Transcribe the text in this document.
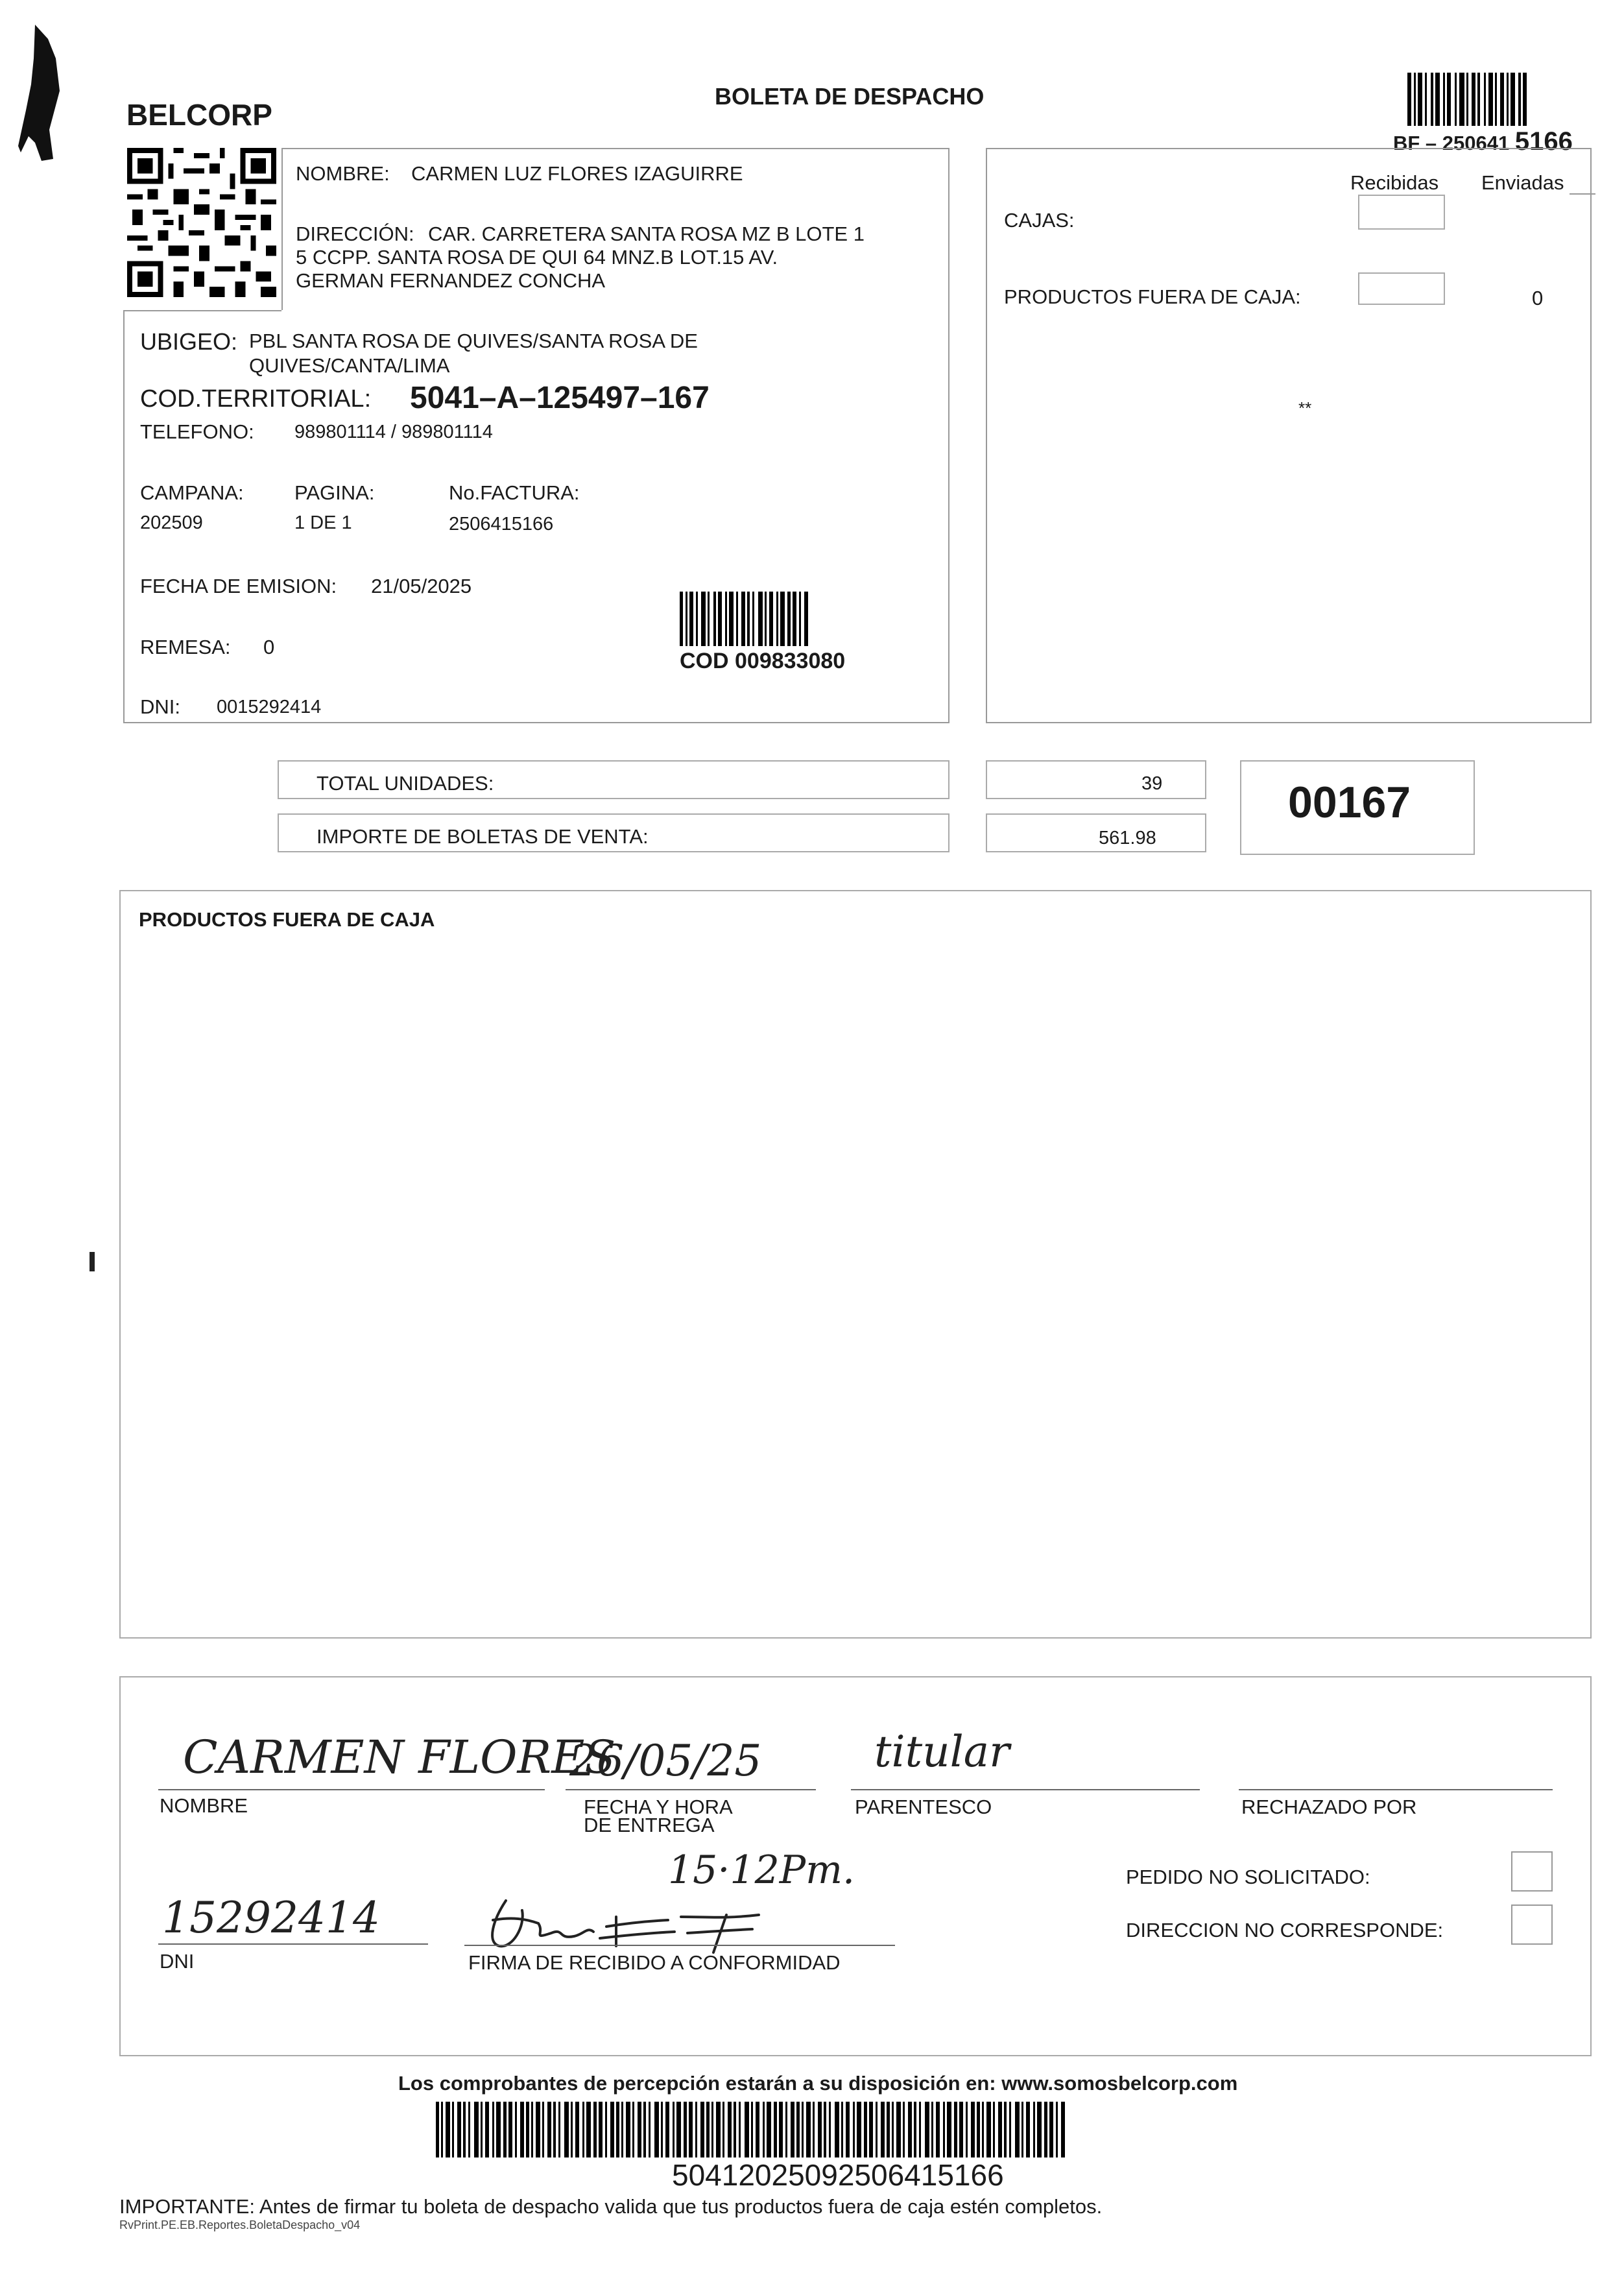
BELCORP
BOLETA DE DESPACHO
BF – 250641 5166
NOMBRE: CARMEN LUZ FLORES IZAGUIRRE
DIRECCIÓN: CAR. CARRETERA SANTA ROSA MZ B LOTE 1
5 CCPP. SANTA ROSA DE QUI 64 MNZ.B LOT.15 AV.
GERMAN FERNANDEZ CONCHA
UBIGEO: PBL SANTA ROSA DE QUIVES/SANTA ROSA DE
QUIVES/CANTA/LIMA
COD.TERRITORIAL: 5041–A–125497–167
TELEFONO: 989801114 / 989801114
CAMPANA:
202509
PAGINA:
1 DE 1
No.FACTURA:
2506415166
FECHA DE EMISION: 21/05/2025
REMESA: 0
COD 009833080
DNI: 0015292414
Recibidas Enviadas
CAJAS:
PRODUCTOS FUERA DE CAJA:	0
**
TOTAL UNIDADES:	39
IMPORTE DE BOLETAS DE VENTA:	561.98
00167
PRODUCTOS FUERA DE CAJA
CARMEN FLORES
NOMBRE
26/05/25
FECHA Y HORA
DE ENTREGA
15·12Pm.
titular
PARENTESCO	RECHAZADO POR
PEDIDO NO SOLICITADO:
DIRECCION NO CORRESPONDE:
15292414
DNI	FIRMA DE RECIBIDO A CONFORMIDAD
Los comprobantes de percepción estarán a su disposición en: www.somosbelcorp.com
50412025092506415166
IMPORTANTE: Antes de firmar tu boleta de despacho valida que tus productos fuera de caja estén completos.
RvPrint.PE.EB.Reportes.BoletaDespacho_v04
